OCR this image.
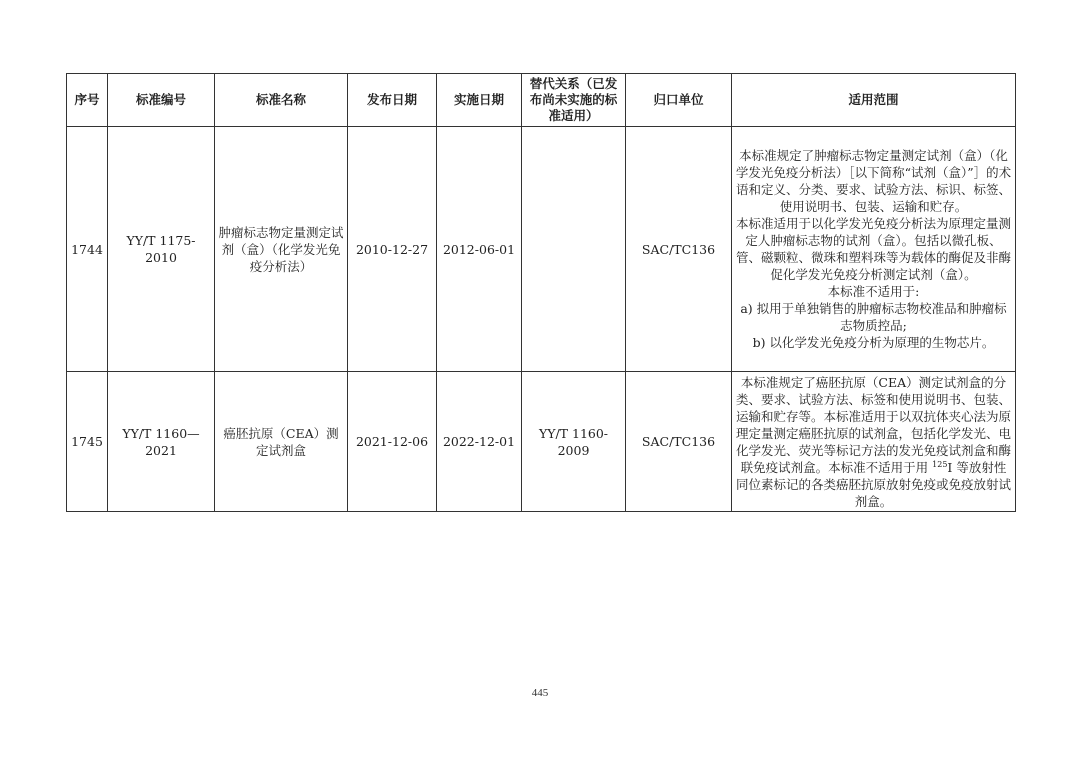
序号	标准编号	标准名称	发布日期	实施日期	替代关系（已发布尚未实施的标准适用）	归口单位	适用范围
1744	YY/T 1175-2010	肿瘤标志物定量测定试剂（盒）（化学发光免疫分析法）	2010-12-27	2012-06-01		SAC/TC136	本标准规定了肿瘤标志物定量测定试剂（盒）（化学发光免疫分析法）［以下简称“试剂（盒）”］的术语和定义、分类、要求、试验方法、标识、标签、使用说明书、包装、运输和贮存。

本标准适用于以化学发光免疫分析法为原理定量测定人肿瘤标志物的试剂（盒）。包括以微孔板、管、磁颗粒、微珠和塑料珠等为载体的酶促及非酶促化学发光免疫分析测定试剂（盒）。

本标准不适用于:

a) 拟用于单独销售的肿瘤标志物校准品和肿瘤标志物质控品;

b) 以化学发光免疫分析为原理的生物芯片。

1745	YY/T 1160—2021	癌胚抗原（CEA）测定试剂盒	2021-12-06	2022-12-01	YY/T 1160-2009	SAC/TC136	本标准规定了癌胚抗原（CEA）测定试剂盒的分类、要求、试验方法、标签和使用说明书、包装、运输和贮存等。本标准适用于以双抗体夹心法为原理定量测定癌胚抗原的试剂盒，包括化学发光、电化学发光、荧光等标记方法的发光免疫试剂盒和酶联免疫试剂盒。本标准不适用于用 $^{125}$I 等放射性同位素标记的各类癌胚抗原放射免疫或免疫放射试剂盒。

445
